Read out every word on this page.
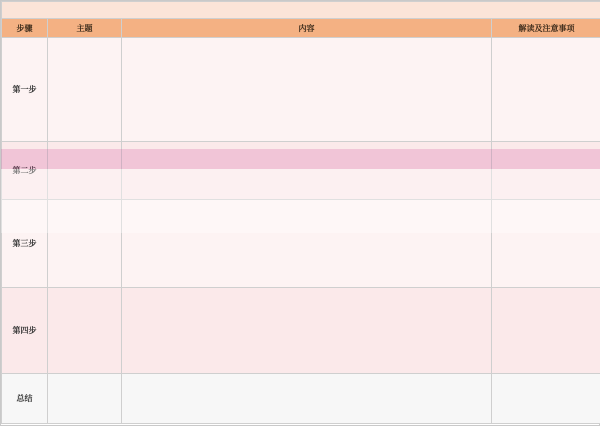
步骤	主题	内容	解读及注意事项
第一步			
第二步			
第三步			
第四步			
总结			
